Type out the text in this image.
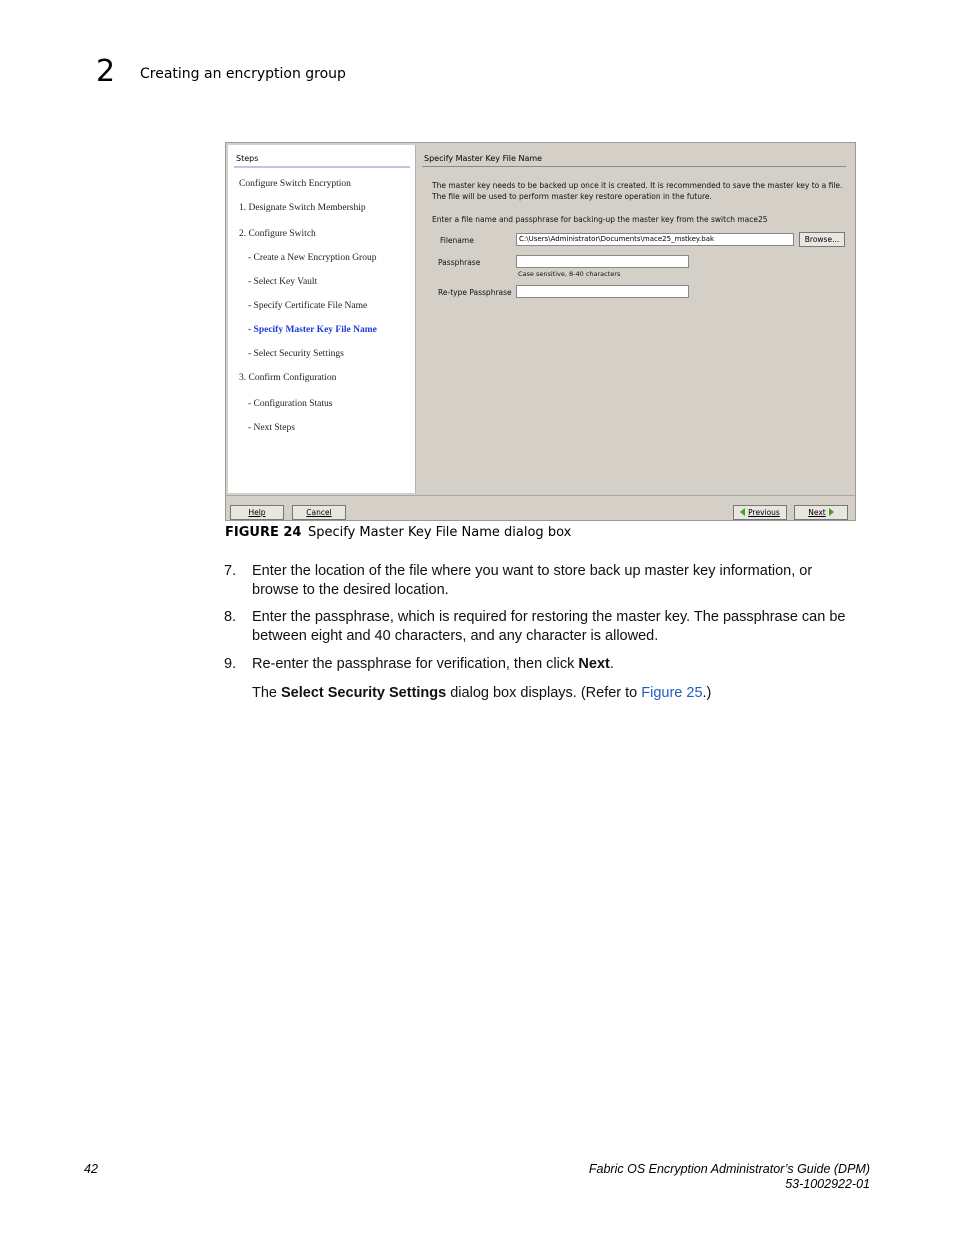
2 Creating an encryption group
Steps
Configure Switch Encryption
1. Designate Switch Membership
2. Configure Switch
- Create a New Encryption Group
- Select Key Vault
- Specify Certificate File Name
- Specify Master Key File Name
- Select Security Settings
3. Confirm Configuration
- Configuration Status
- Next Steps
Specify Master Key File Name
The master key needs to be backed up once it is created. It is recommended to save the master key to a file. The file will be used to perform master key restore operation in the future.
Enter a file name and passphrase for backing-up the master key from the switch mace25
Filename	C:\Users\Administrator\Documents\mace25_mstkey.bak	Browse...
Passphrase
Case sensitive, 8-40 characters
Re-type Passphrase
Help	Cancel	Previous	Next
FIGURE 24 Specify Master Key File Name dialog box
7. Enter the location of the file where you want to store back up master key information, or browse to the desired location.
8. Enter the passphrase, which is required for restoring the master key. The passphrase can be between eight and 40 characters, and any character is allowed.
9. Re-enter the passphrase for verification, then click Next.
The Select Security Settings dialog box displays. (Refer to Figure 25.)
42	Fabric OS Encryption Administrator’s Guide (DPM)
53-1002922-01
